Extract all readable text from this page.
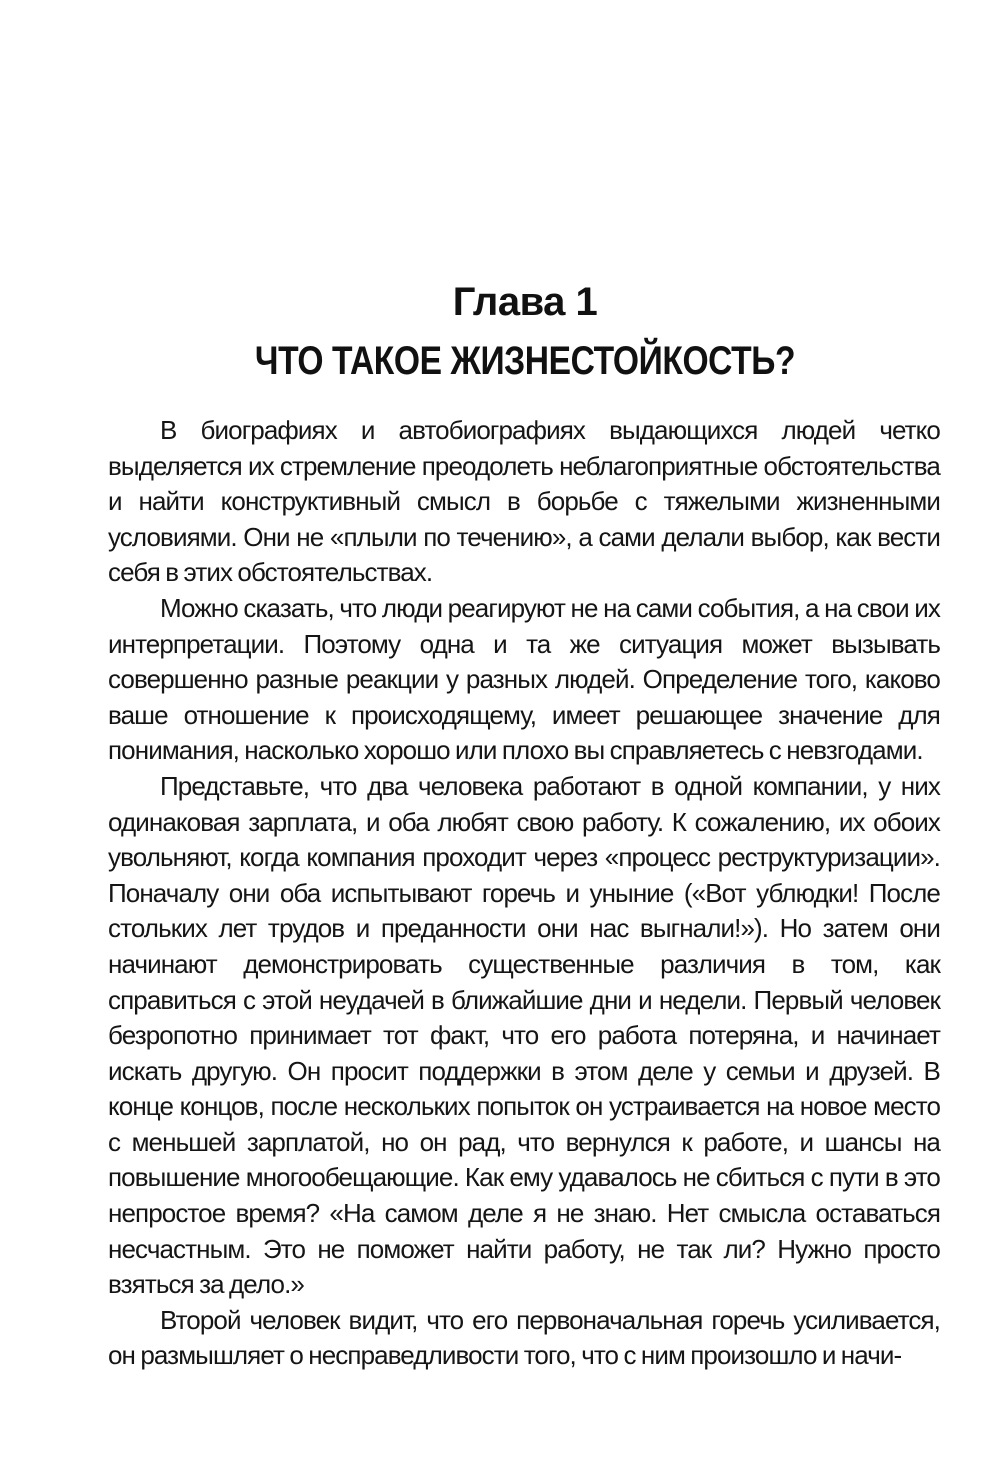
Глава 1
ЧТО ТАКОЕ ЖИЗНЕСТОЙКОСТЬ?

В биографиях и автобиографиях выдающихся людей четко выделяется их стремление преодолеть неблагоприятные обстоятельства и найти конструктивный смысл в борьбе с тяжелыми жизненными условиями. Они не «плыли по течению», а сами делали выбор, как вести себя в этих обстоятельствах.

Можно сказать, что люди реагируют не на сами события, а на свои их интерпретации. Поэтому одна и та же ситуация может вызывать совершенно разные реакции у разных людей. Определение того, каково ваше отношение к происходящему, имеет решающее значение для понимания, насколько хорошо или плохо вы справляетесь с невзгодами.

Представьте, что два человека работают в одной компании, у них одинаковая зарплата, и оба любят свою работу. К сожалению, их обоих увольняют, когда компания проходит через «процесс реструктуризации». Поначалу они оба испытывают горечь и уныние («Вот ублюдки! После стольких лет трудов и преданности они нас выгнали!»). Но затем они начинают демонстрировать существенные различия в том, как справиться с этой неудачей в ближайшие дни и недели. Первый человек безропотно принимает тот факт, что его работа потеряна, и начинает искать другую. Он просит поддержки в этом деле у семьи и друзей. В конце концов, после нескольких попыток он устраивается на новое место с меньшей зарплатой, но он рад, что вернулся к работе, и шансы на повышение многообещающие. Как ему удавалось не сбиться с пути в это непростое время? «На самом деле я не знаю. Нет смысла оставаться несчастным. Это не поможет найти работу, не так ли? Нужно просто взяться за дело.»

Второй человек видит, что его первоначальная горечь усиливается, он размышляет о несправедливости того, что с ним произошло и начи-
